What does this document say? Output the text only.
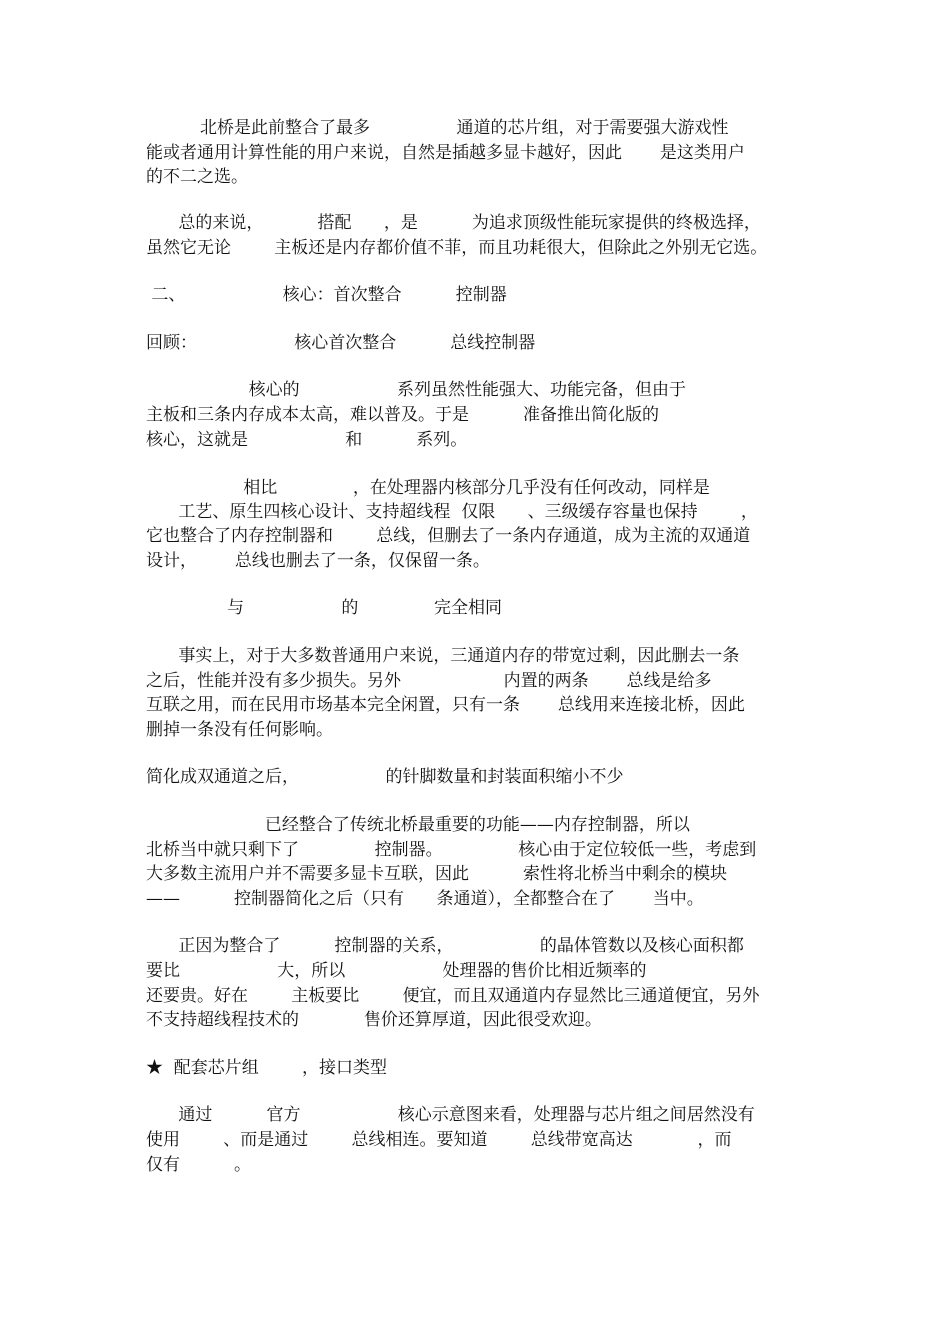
北桥是此前整合了最多                通道的芯片组，对于需要强大游戏性
能或者通用计算性能的用户来说，自然是插越多显卡越好，因此       是这类用户
的不二之选。
总的来说，          搭配      ，是          为追求顶级性能玩家提供的终极选择，
虽然它无论        主板还是内存都价值不菲，而且功耗很大，但除此之外别无它选。
二、                  核心：首次整合          控制器
回顾：                  核心首次整合          总线控制器
核心的                  系列虽然性能强大、功能完备，但由于
主板和三条内存成本太高，难以普及。于是          准备推出简化版的
核心，这就是                  和          系列。
相比              ，在处理器内核部分几乎没有任何改动，同样是
工艺、原生四核心设计、支持超线程  仅限      、三级缓存容量也保持        ，
它也整合了内存控制器和        总线，但删去了一条内存通道，成为主流的双通道
设计，       总线也删去了一条，仅保留一条。
与                  的              完全相同
事实上，对于大多数普通用户来说，三通道内存的带宽过剩，因此删去一条
之后，性能并没有多少损失。另外                   内置的两条       总线是给多
互联之用，而在民用市场基本完全闲置，只有一条       总线用来连接北桥，因此
删掉一条没有任何影响。
简化成双通道之后，                的针脚数量和封装面积缩小不少
已经整合了传统北桥最重要的功能——内存控制器，所以
北桥当中就只剩下了              控制器。              核心由于定位较低一些，考虑到
大多数主流用户并不需要多显卡互联，因此          索性将北桥当中剩余的模块
——          控制器简化之后（只有      条通道），全都整合在了       当中。
正因为整合了          控制器的关系，                的晶体管数以及核心面积都
要比                  大，所以                  处理器的售价比相近频率的
还要贵。好在        主板要比        便宜，而且双通道内存显然比三通道便宜，另外
不支持超线程技术的            售价还算厚道，因此很受欢迎。
★  配套芯片组        ，接口类型
通过          官方                  核心示意图来看，处理器与芯片组之间居然没有
使用        、而是通过        总线相连。要知道        总线带宽高达            ，而
仅有          。
